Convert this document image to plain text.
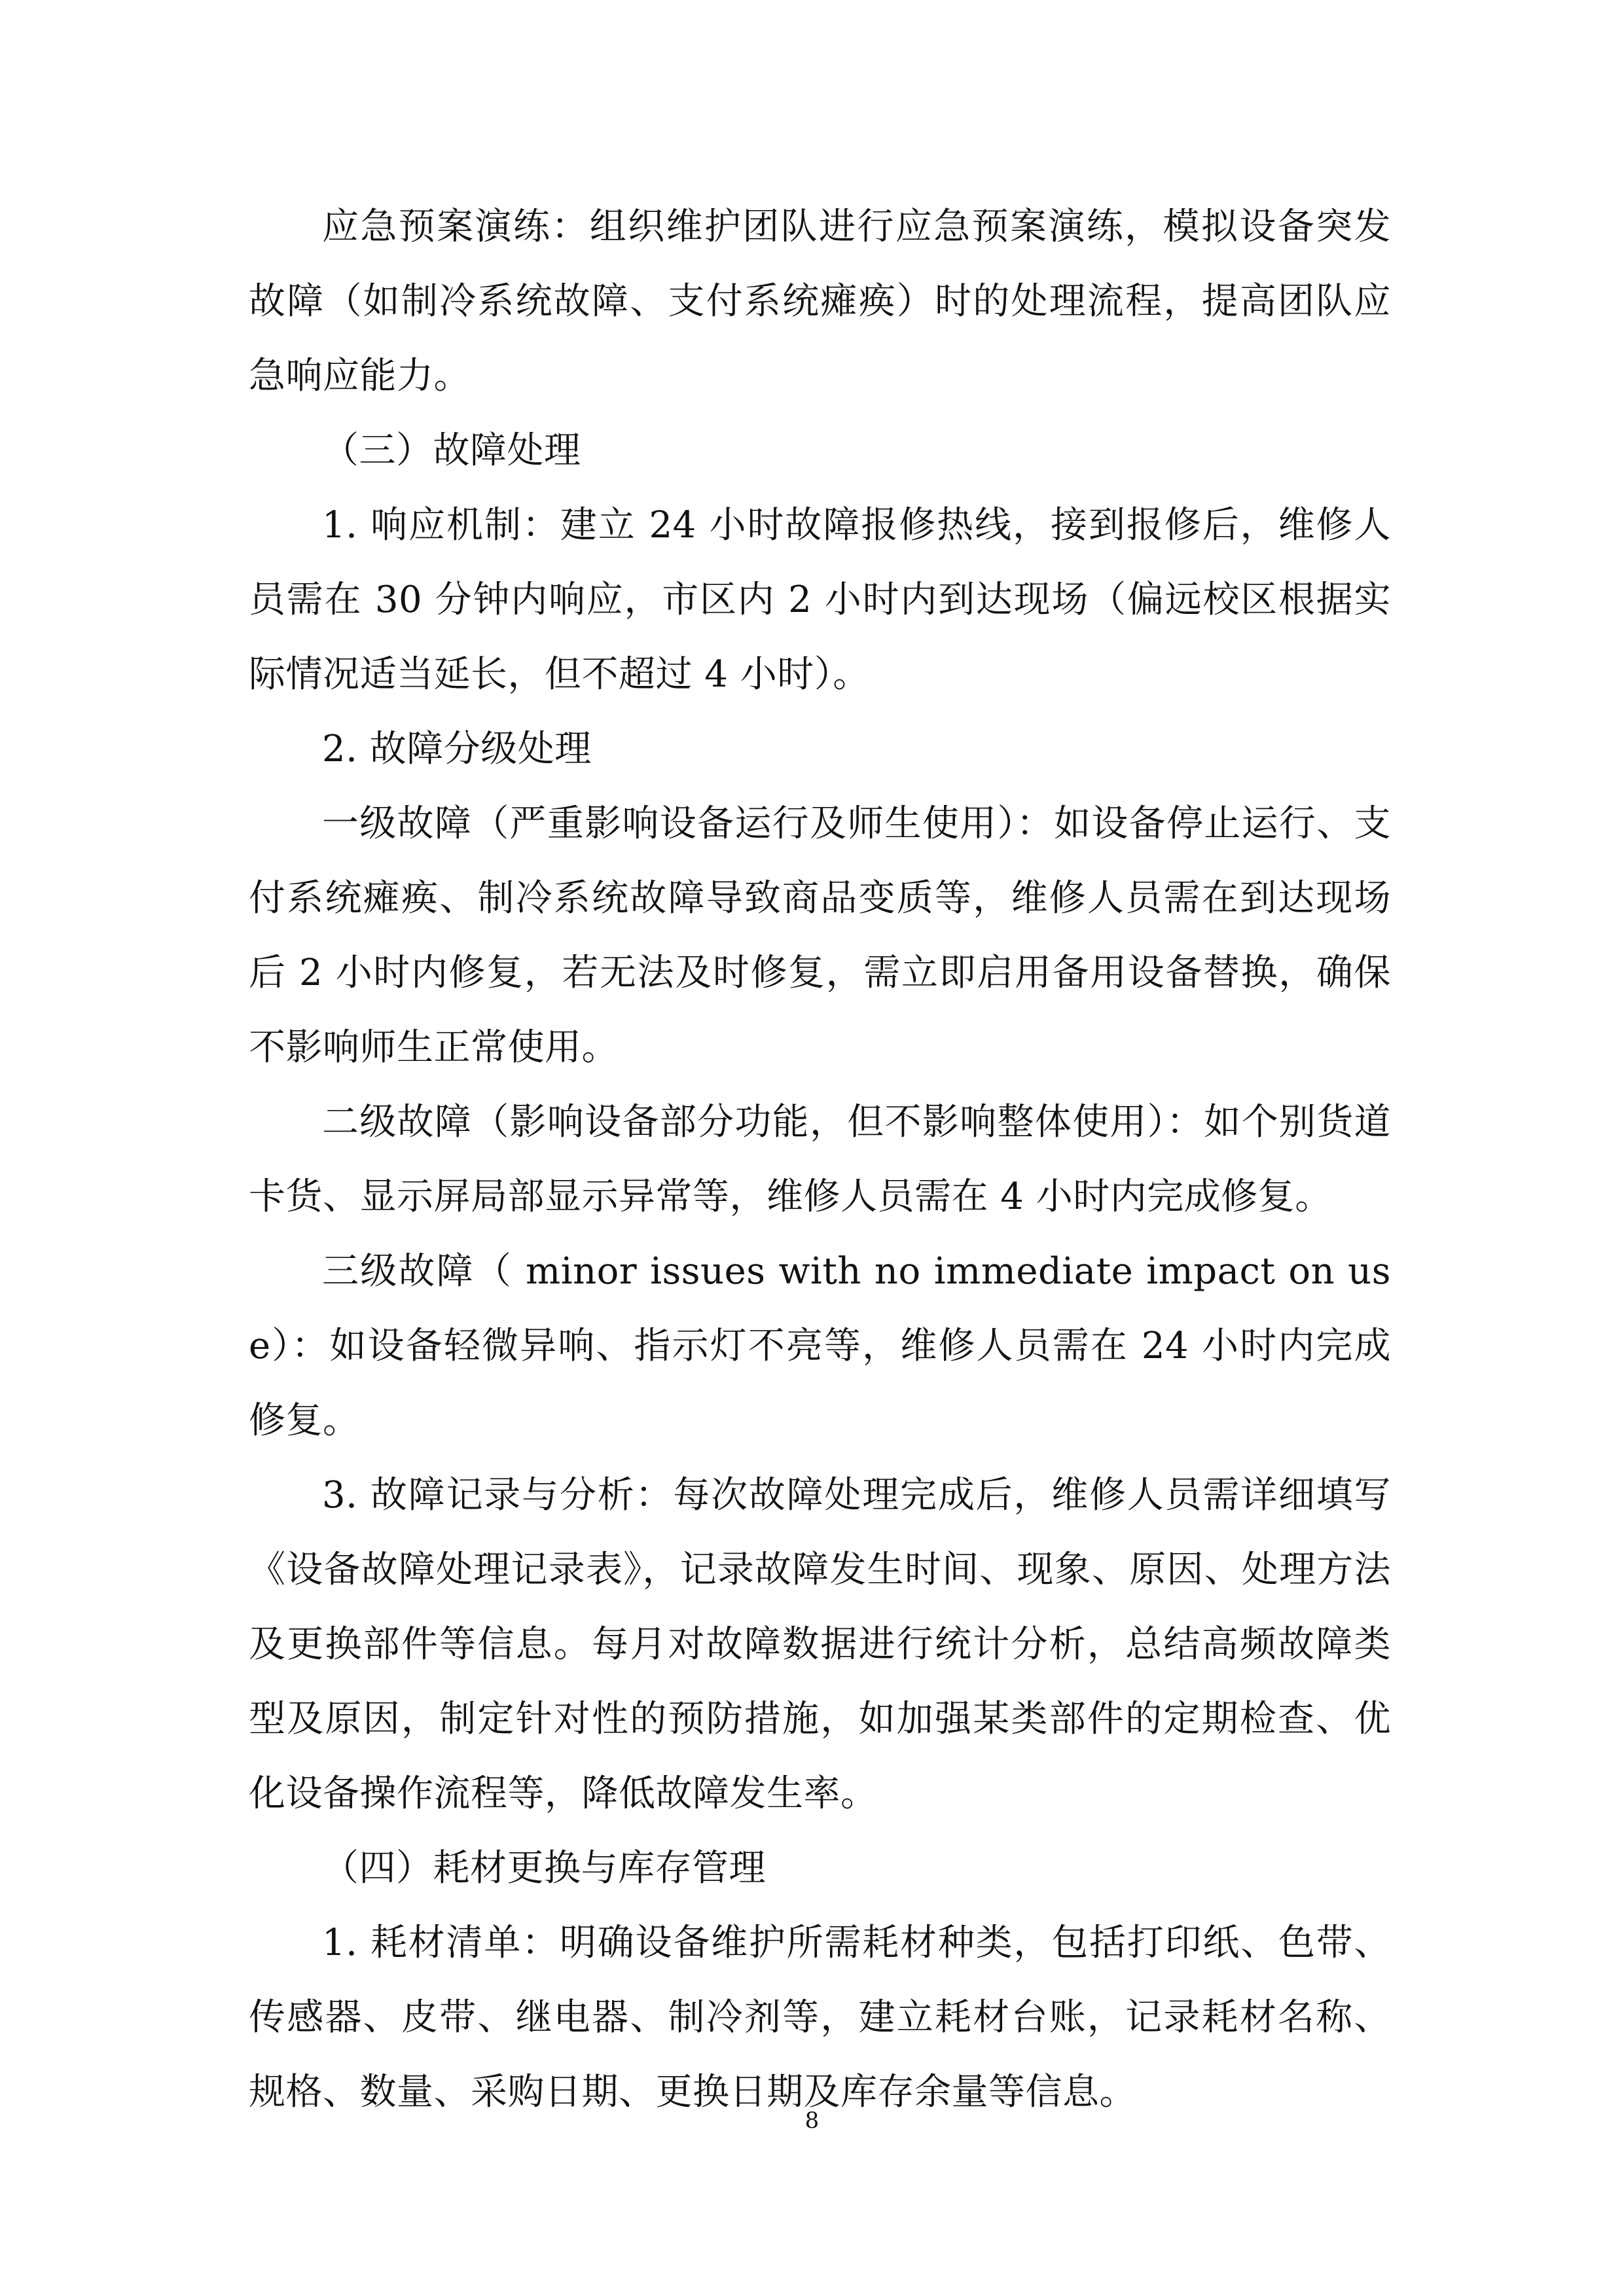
应急预案演练：组织维护团队进行应急预案演练，模拟设备突发故障（如制冷系统故障、支付系统瘫痪）时的处理流程，提高团队应急响应能力。

（三）故障处理

1. 响应机制：建立 24 小时故障报修热线，接到报修后，维修人员需在 30 分钟内响应，市区内 2 小时内到达现场（偏远校区根据实际情况适当延长，但不超过 4 小时）。

2. 故障分级处理

一级故障（严重影响设备运行及师生使用）：如设备停止运行、支付系统瘫痪、制冷系统故障导致商品变质等，维修人员需在到达现场后 2 小时内修复，若无法及时修复，需立即启用备用设备替换，确保不影响师生正常使用。

二级故障（影响设备部分功能，但不影响整体使用）：如个别货道卡货、显示屏局部显示异常等，维修人员需在 4 小时内完成修复。

三级故障（ minor issues with no immediate impact on use）：如设备轻微异响、指示灯不亮等，维修人员需在 24 小时内完成修复。

3. 故障记录与分析：每次故障处理完成后，维修人员需详细填写《设备故障处理记录表》，记录故障发生时间、现象、原因、处理方法及更换部件等信息。每月对故障数据进行统计分析，总结高频故障类型及原因，制定针对性的预防措施，如加强某类部件的定期检查、优化设备操作流程等，降低故障发生率。

（四）耗材更换与库存管理

1. 耗材清单：明确设备维护所需耗材种类，包括打印纸、色带、传感器、皮带、继电器、制冷剂等，建立耗材台账，记录耗材名称、规格、数量、采购日期、更换日期及库存余量等信息。

8
